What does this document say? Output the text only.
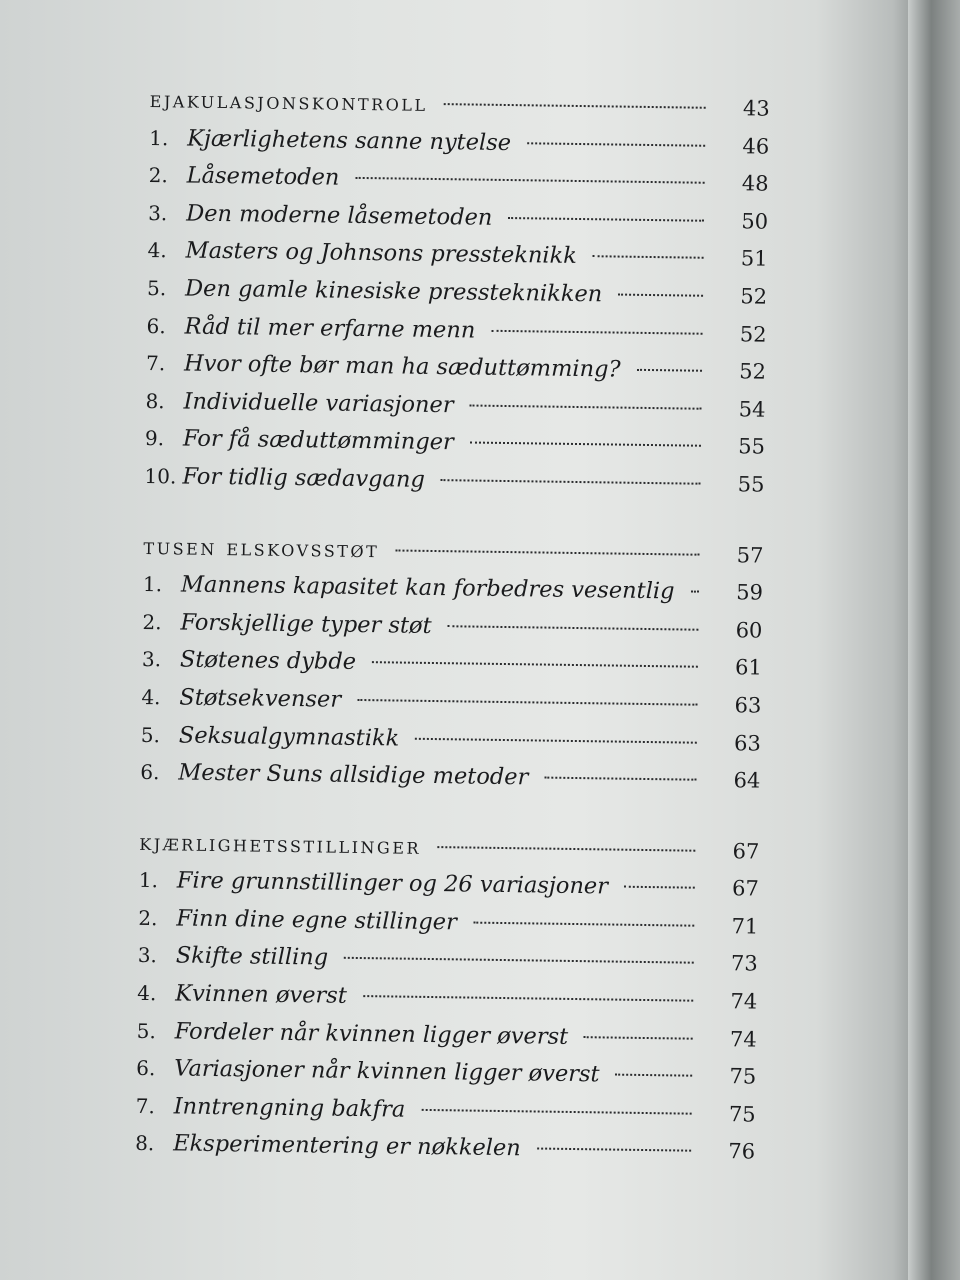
ejakulasjonskontroll	43
1. Kjærlighetens sanne nytelse	46
2. Låsemetoden	48
3. Den moderne låsemetoden	50
4. Masters og Johnsons pressteknikk	51
5. Den gamle kinesiske pressteknikken	52
6. Råd til mer erfarne menn	52
7. Hvor ofte bør man ha sæduttømming?	52
8. Individuelle variasjoner	54
9. For få sæduttømminger	55
10. For tidlig sædavgang	55
tusen elskovsstøt	57
1. Mannens kapasitet kan forbedres vesentlig	59
2. Forskjellige typer støt	60
3. Støtenes dybde	61
4. Støtsekvenser	63
5. Seksualgymnastikk	63
6. Mester Suns allsidige metoder	64
kjærlighetsstillinger	67
1. Fire grunnstillinger og 26 variasjoner	67
2. Finn dine egne stillinger	71
3. Skifte stilling	73
4. Kvinnen øverst	74
5. Fordeler når kvinnen ligger øverst	74
6. Variasjoner når kvinnen ligger øverst	75
7. Inntrengning bakfra	75
8. Eksperimentering er nøkkelen	76
